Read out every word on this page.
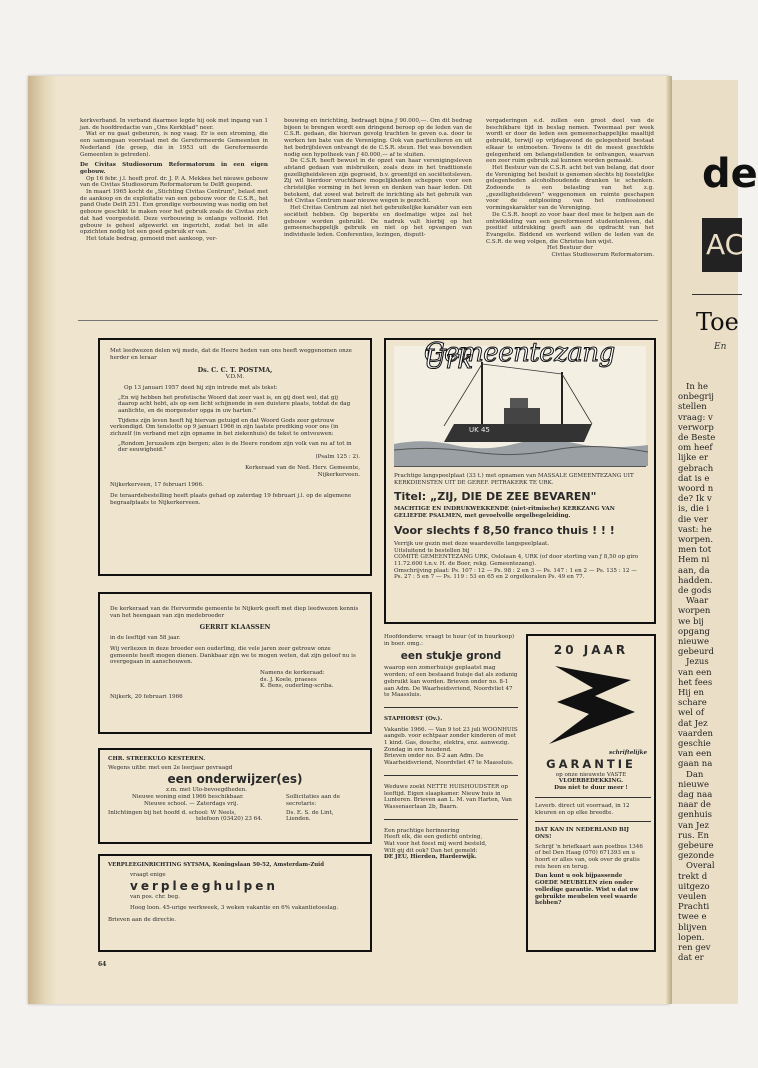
kerkverband. In verband daarmee legde hij ook met ingang van 1 jan. de hoofdredactie van „Ons Kerkblad" neer.

Wat er nu gaat gebeuren, is nog vaag. Er is een stroming, die een samengaan voorstaat met de Gereformeerde Gemeenten in Nederland (de groep, die in 1953 uit de Gereformeerde Gemeenten is getreden).

De Civitas Studiosorum Reformatorum in een eigen gebouw.

Op 16 febr. j.l. heeft prof. dr. J. P. A. Mekkes het nieuwe gebouw van de Civitas Studiosorum Reformatorum te Delft geopend.

In maart 1965 kocht de „Stichting Civitas Centrum", belast met de aankoop en de exploitatie van een gebouw voor de C.S.R., het pand Oude Delft 251. Een grondige verbouwing was nodig om het gebouw geschikt te maken voor het gebruik zoals de Civitas zich dat had voorgesteld. Deze verbouwing is onlangs voltooid. Het gebouw is geheel afgewerkt en ingericht, zodat het in alle opzichten nodig tot een goed gebruik er van.

Het totale bedrag, gemoeid met aankoop, ver-

bouwing en inrichting, bedraagt bijna ƒ 90.000,—. Om dit bedrag bijeen te brengen wordt een dringend beroep op de leden van de C.S.R. gedaan, die hiervan gevolg trachten te geven o.a. door te werken ten bate van de Vereniging. Ook van particulieren en uit het bedrijfsleven ontvangt de de C.S.R. steun. Het was bovendien nodig een hypotheek van ƒ 40.000,— af te sluiten.

De C.S.R. heeft bewust in de opzet van haar verenigingsleven afstand gedaan van misbruiken, zoals deze in het traditionele gezelligheidsleven zijn gegroeid, b.v. groentijd en sociëteitsleven. Zij wil hierdoor vruchtbare mogelijkheden scheppen voor een christelijke vorming in het leven en denken van haar leden. Dit betekent, dat zowel wat betreft de inrichting als het gebruik van het Civitas Centrum naar nieuwe wegen is gezocht.

Het Civitas Centrum zal niet het gebruikelijke karakter van een sociëteit hebben. Op beperkte en doelmatige wijze zal het gebouw worden gebruikt. De nadruk valt hierbij op het gemeenschappelijk gebruik en niet op het opvangen van individuele leden. Conferenties, lezingen, disputt-

vergaderingen e.d. zullen een groot deel van de beschikbare tijd in beslag nemen. Tweemaal per week wordt er door de leden een gemeenschappelijke maaltijd gebruikt, terwijl op vrijdagavond de gelegenheid bestaat elkaar te ontmoeten. Tevens is dit de meest geschikte gelegenheid om belangstellenden te ontvangen, waarvan een zeer ruim gebruik zal kunnen worden gemaakt.

Het Bestuur van de C.S.R. acht het van belang, dat door de Vereniging het besluit is genomen slechts bij feestelijke gelegenheden alcoholhoudende dranken te schenken. Zodoende is een belasting van het z.g. „gezelligheidsleven" weggenomen en ruimte geschapen voor de ontplooiing van het confessioneel vormingskarakter van de Vereniging.

De C.S.R. hoopt zo voor haar deel mee te helpen aan de ontwikkeling van een gereformeerd studentenleven, dat positief uitdrukking geeft aan de opdracht van het Evangelie. Biddend en werkend willen de leden van de C.S.R. de weg volgen, die Christus hen wijst.

Het Bestuur der

Civitas Studiosorum Reformatorum.

Met leedwezen delen wij mede, dat de Heere heden van ons heeft weggenomen onze herder en leraar

Ds. C. C. T. POSTMA,

V.D.M.

Op 13 januari 1957 deed hij zijn intrede met als tekst:

„En wij hebben het profetische Woord dat zeer vast is, en gij doet wel, dat gij daarop acht hebt, als op een licht schijnende in een duistere plaats, totdat de dag aanlichte, en de morgenster opga in uw harten."

Tijdens zijn leven heeft hij hiervan getuigd en dat Woord Gods zeer getrouw verkondigd. Om tenslotte op 9 januari 1966 in zijn laatste prediking voor ons (in zichzelf (in verband met zijn opname in het ziekenhuis) de tekst te ontvouwen:

„Rondom Jeruzalem zijn bergen; alzo is de Heere rondom zijn volk van nu af tot in der eeuwigheid."

(Psalm 125 : 2).

Kerkeraad van de Ned. Herv. Gemeente,

Nijkerkerveen.

Nijkerkerveen, 17 februari 1966.

De teraardebestelling heeft plaats gehad op zaterdag 19 februari j.l. op de algemene begraafplaats te Nijkerkerveen.

De kerkeraad van de Hervormde gemeente te Nijkerk geeft met diep leedwezen kennis van het heengaan van zijn medebroeder

GERRIT KLAASSEN

in de leeftijd van 58 jaar.

Wij verliezen in deze broeder een ouderling, die vele jaren zeer getrouw onze gemeente heeft mogen dienen. Dankbaar zijn we te mogen weten, dat zijn geloof nu is overgegaan in aanschouwen.

Namens de kerkeraad:

ds. J. Koele, praeses

K. Bens, ouderling-scriba.

Nijkerk, 20 februari 1966

CHR. STREEKULO KESTEREN.

Wegens uitbr. met een 2e leerjaar gevraagd

een onderwijzer(es)

z.m. met Ulo-bevoegdheden.

Nieuwe woning eind 1966 beschikbaar.

Nieuwe school. — Zaterdags vrij.

Inlichtingen bij het hoofd d. school: W Neels,

telefoon (03420) 23 64.

Sollicitaties aan de

secretaris:

Ds. E. S. de Lint,

Lienden.

VERPLEEGINRICHTING SYTSMA, Koningslaan 50-52, Amsterdam-Zuid

vraagt enige

verpleeghulpen

van pos. chr. beg.

Hoog loon. 45-urige werkweek, 3 weken vakantie en 6% vakantietoeslag.

Brieven aan de directie.

UK 45
Gemeentezang Urk

Prachtige langspeelplaat (33 t.) met opnamen van MASSALE GEMEENTEZANG UIT KERKDIENSTEN UIT DE GEREF. PETRAKERK TE URK.

Titel: „ZIJ, DIE DE ZEE BEVAREN"

MACHTIGE EN INDRUKWEKKENDE (niet-ritmische) KERKZANG VAN GELIEFDE PSALMEN, met gevoelvolle orgelbegeleiding.

Voor slechts f 8,50 franco thuis ! ! !

Verrijk uw gezin met deze waardevolle langspeelplaat.

Uitsluitend te bestellen bij

COMITÉ GEMEENTEZANG URK, Oslolaan 4, URK (of door storting van ƒ 8,50 op giro 11.72.600 t.n.v. H. de Boer, rekg. Gemeentezang).

Omschrijving plaat: Ps. 107 : 12 — Ps. 98 : 2 en 3 — Ps. 147 : 1 en 2 — Ps. 135 : 12 — Ps. 27 : 5 en 7 — Ps. 119 : 53 en 65 en 2 orgelkoralen Ps. 49 en 77.

Hoofdonderw. vraagt te huur (of in huurkoop) in boer. omg.:

een stukje grond

waarop een zomerhuisje geplaatst mag worden; of een bestaand huisje dat als zodanig gebruikt kan worden. Brieven onder no. 8-1 aan Adm. De Waarheidsvriend, Noordvliet 47 te Maassluis.

STAPHORST (Ov.).

Vakantie 1966. — Van 9 tot 23 juli WOONHUIS aangeb. voor echtpaar zonder kinderen of met 1 kind. Gas, douche, elektra, enz. aanwezig. Zondag in ere houdend.

Brieven onder no. 8-2 aan Adm. De Waarheidsvriend, Noordvliet 47 te Maassluis.

Weduwe zoekt NETTE HUISHOUDSTER op leeftijd. Eigen slaapkamer. Nieuw huis in Lunteren. Brieven aan L. M. van Harten, Van Wassenaerlaan 2b, Baarn.

Een prachtige herinnering

Heeft elk, die een gedicht ontving,

Wat voor het feest mij werd besteld,

Wilt gij dit ook? Dan het gemeld:

DE JEU, Hierden, Harderwijk.

20 JAAR

schriftelijke

GARANTIE

op onze nieuwste VASTE

VLOERBEDEKKING.

Dus niet te duur meer !

Leverb. direct uit voorraad, in 12 kleuren en op elke breedte.

DAT KAN IN NEDERLAND BIJ ONS!

Schrijf 'n briefkaart aan postbus 1346 of bel Den Haag (070) 671393 en u hoort er alles van, ook over de gratis reis heen en terug.

Dan kunt u ook bijpassende GOEDE MEUBELEN zien onder volledige garantie. Wist u dat uw gebruikte meubelen veel waarde hebben?

64
de
AC
Toe
En
In he
onbegrij
stellen
vraag: v
verworp
de Beste
om heef
lijke er
gebrach
dat is e
woord n
de? Ik v
is, die i
die ver
vast: he
worpen.
men tot
Hem ni
aan, da
hadden.
de gods
Waar
worpen
we bij
opgang
nieuwe
gebeurd
Jezus
van een
het fees
Hij en
schare
wel of
dat Jez
vaarden
geschie
van een
gaan na
Dan
nieuwe
dag naa
naar de
genhuis
van Jez
rus. En
gebeure
gezonde
Overal
trekt d
uitgezo
veulen
Prachti
twee e
blijven
lopen.
ren gev
dat er
